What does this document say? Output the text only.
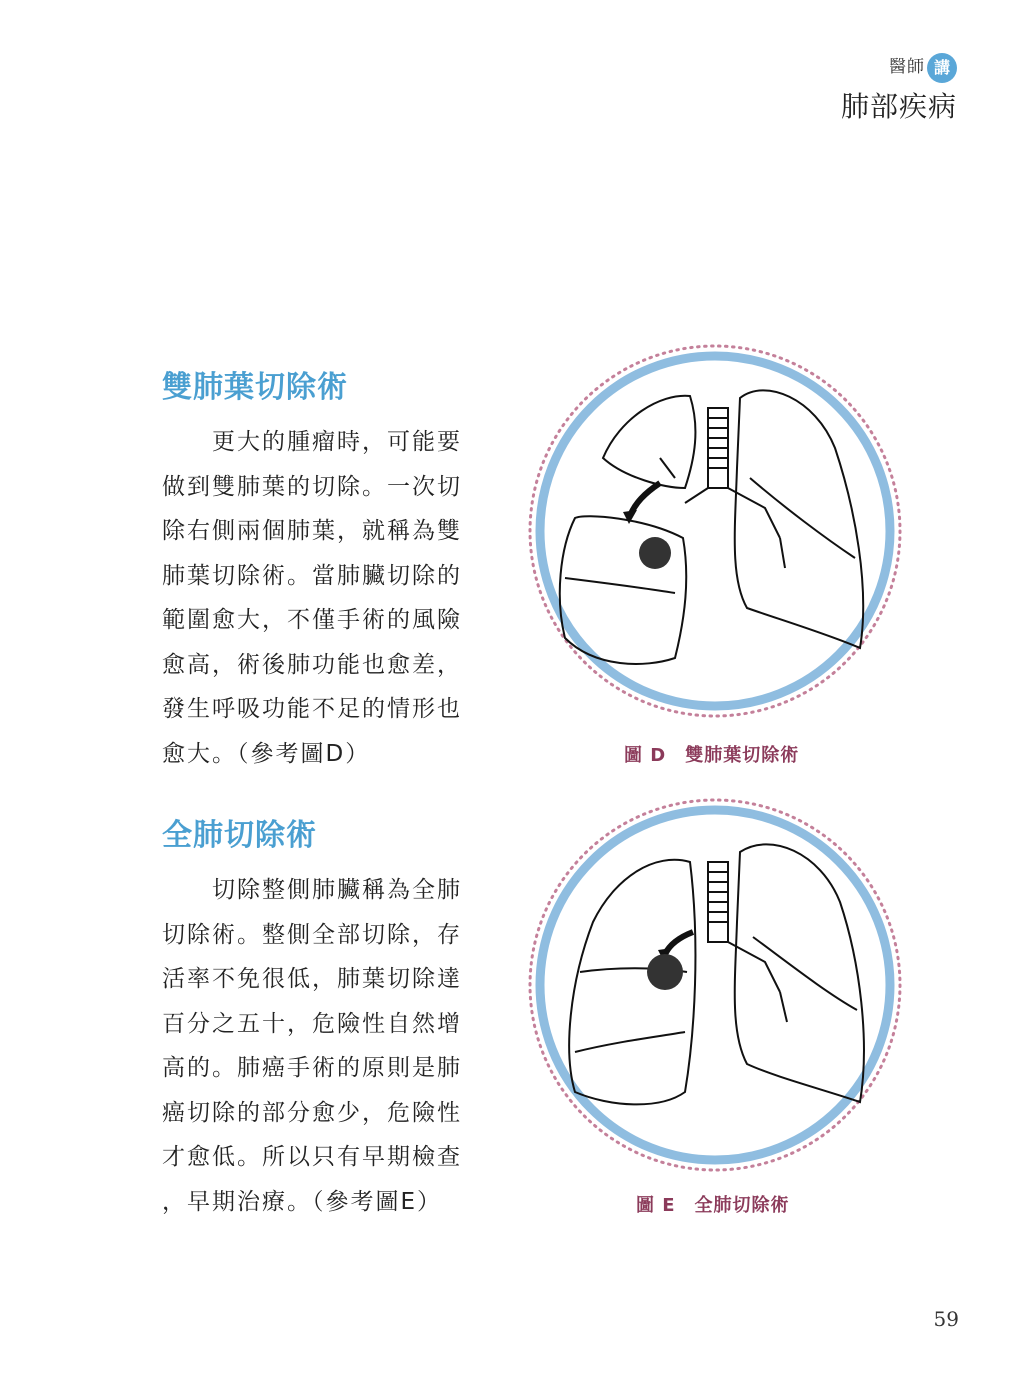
醫師 講
肺部疾病
雙肺葉切除術
　　更大的腫瘤時，可能要
做到雙肺葉的切除。一次切
除右側兩個肺葉，就稱為雙
肺葉切除術。當肺臟切除的
範圍愈大，不僅手術的風險
愈高，術後肺功能也愈差，
發生呼吸功能不足的情形也
愈大。（參考圖D）	圖 D　雙肺葉切除術
全肺切除術
　　切除整側肺臟稱為全肺
切除術。整側全部切除，存
活率不免很低，肺葉切除達
百分之五十，危險性自然增
高的。肺癌手術的原則是肺
癌切除的部分愈少，危險性
才愈低。所以只有早期檢查
，早期治療。（參考圖E）	圖 E　全肺切除術
59
